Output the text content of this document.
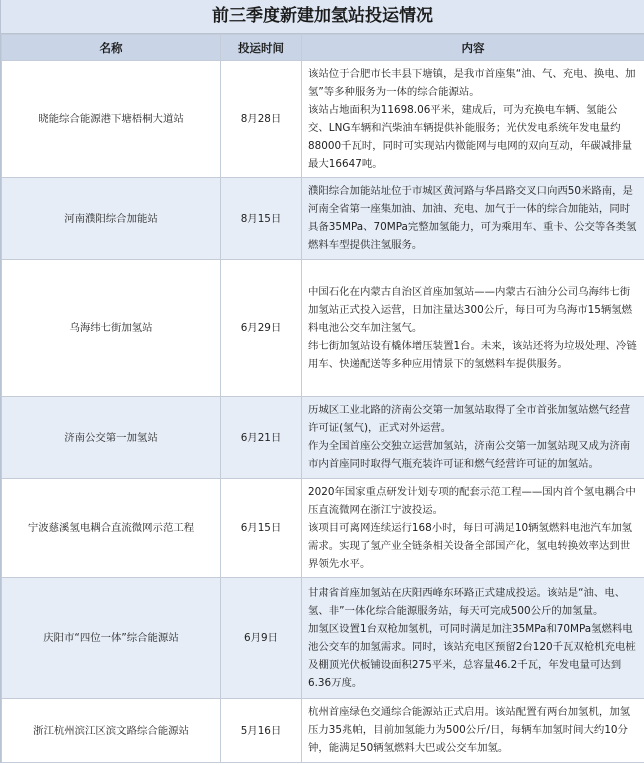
前三季度新建加氢站投运情况
名称	投运时间	内容
晓能综合能源港下塘梧桐大道站	8月28日	该站位于合肥市长丰县下塘镇，是我市首座集“油、气、充电、换电、加氢”等多种服务为一体的综合能源站。
该站占地面积为11698.06平米，建成后，可为充换电车辆、氢能公交、LNG车辆和汽柴油车辆提供补能服务；光伏发电系统年发电量约88000千瓦时，同时可实现站内微能网与电网的双向互动，年碳减排量最大16647吨。

河南濮阳综合加能站	8月15日	濮阳综合加能站址位于市城区黄河路与华昌路交叉口向西50米路南，是河南全省第一座集加油、加油、充电、加气于一体的综合加能站，同时具备35MPa、70MPa完整加氢能力，可为乘用车、重卡、公交等各类氢燃料车型提供注氢服务。

乌海纬七街加氢站	6月29日	中国石化在内蒙古自治区首座加氢站——内蒙古石油分公司乌海纬七街加氢站正式投入运营，日加注量达300公斤，每日可为乌海市15辆氢燃料电池公交车加注氢气。
纬七街加氢站设有橇体增压装置1台。未来，该站还将为垃圾处理、冷链用车、快递配送等多种应用情景下的氢燃料车提供服务。

济南公交第一加氢站	6月21日	历城区工业北路的济南公交第一加氢站取得了全市首张加氢站燃气经营许可证(氢气)，正式对外运营。
作为全国首座公交独立运营加氢站，济南公交第一加氢站现又成为济南市内首座同时取得气瓶充装许可证和燃气经营许可证的加氢站。

宁波慈溪氢电耦合直流微网示范工程	6月15日	2020年国家重点研发计划专项的配套示范工程——国内首个氢电耦合中压直流微网在浙江宁波投运。
该项目可离网连续运行168小时，每日可满足10辆氢燃料电池汽车加氢需求。实现了氢产业全链条相关设备全部国产化，氢电转换效率达到世界领先水平。

庆阳市“四位一体”综合能源站	6月9日	甘肃省首座加氢站在庆阳西峰东环路正式建成投运。该站是“油、电、氢、非”一体化综合能源服务站，每天可完成500公斤的加氢量。
加氢区设置1台双枪加氢机，可同时满足加注35MPa和70MPa氢燃料电池公交车的加氢需求。同时，该站充电区预留2台120千瓦双枪机充电桩及棚顶光伏板铺设面积275平米，总容量46.2千瓦，年发电量可达到6.36万度。

浙江杭州滨江区滨文路综合能源站	5月16日	杭州首座绿色交通综合能源站正式启用。该站配置有两台加氢机，加氢压力35兆帕，目前加氢能力为500公斤/日，每辆车加氢时间大约10分钟，能满足50辆氢燃料大巴或公交车加氢。
